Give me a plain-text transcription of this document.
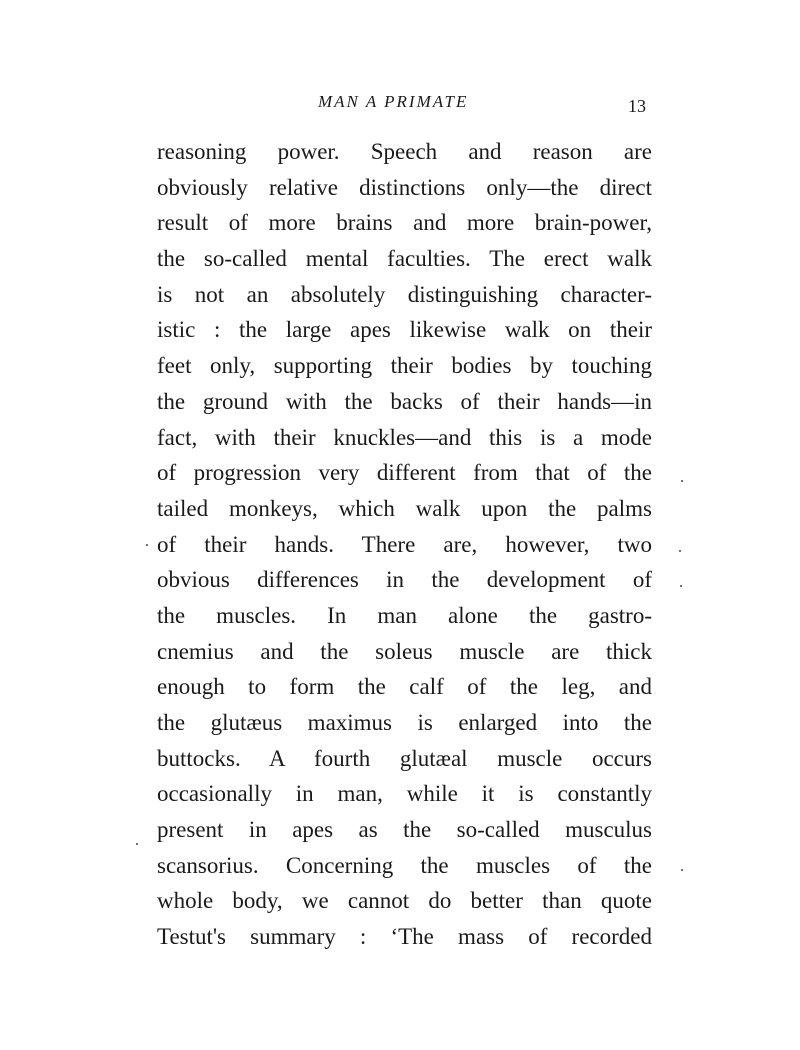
MAN A PRIMATE	13
reasoning power. Speech and reason are
obviously relative distinctions only—the direct
result of more brains and more brain-power,
the so-called mental faculties. The erect walk
is not an absolutely distinguishing character-
istic : the large apes likewise walk on their
feet only, supporting their bodies by touching
the ground with the backs of their hands—in
fact, with their knuckles—and this is a mode
of progression very different from that of the
tailed monkeys, which walk upon the palms
of their hands. There are, however, two
obvious differences in the development of
the muscles. In man alone the gastro-
cnemius and the soleus muscle are thick
enough to form the calf of the leg, and
the glutæus maximus is enlarged into the
buttocks. A fourth glutæal muscle occurs
occasionally in man, while it is constantly
present in apes as the so-called musculus
scansorius. Concerning the muscles of the
whole body, we cannot do better than quote
Testut's summary : ‘The mass of recorded
